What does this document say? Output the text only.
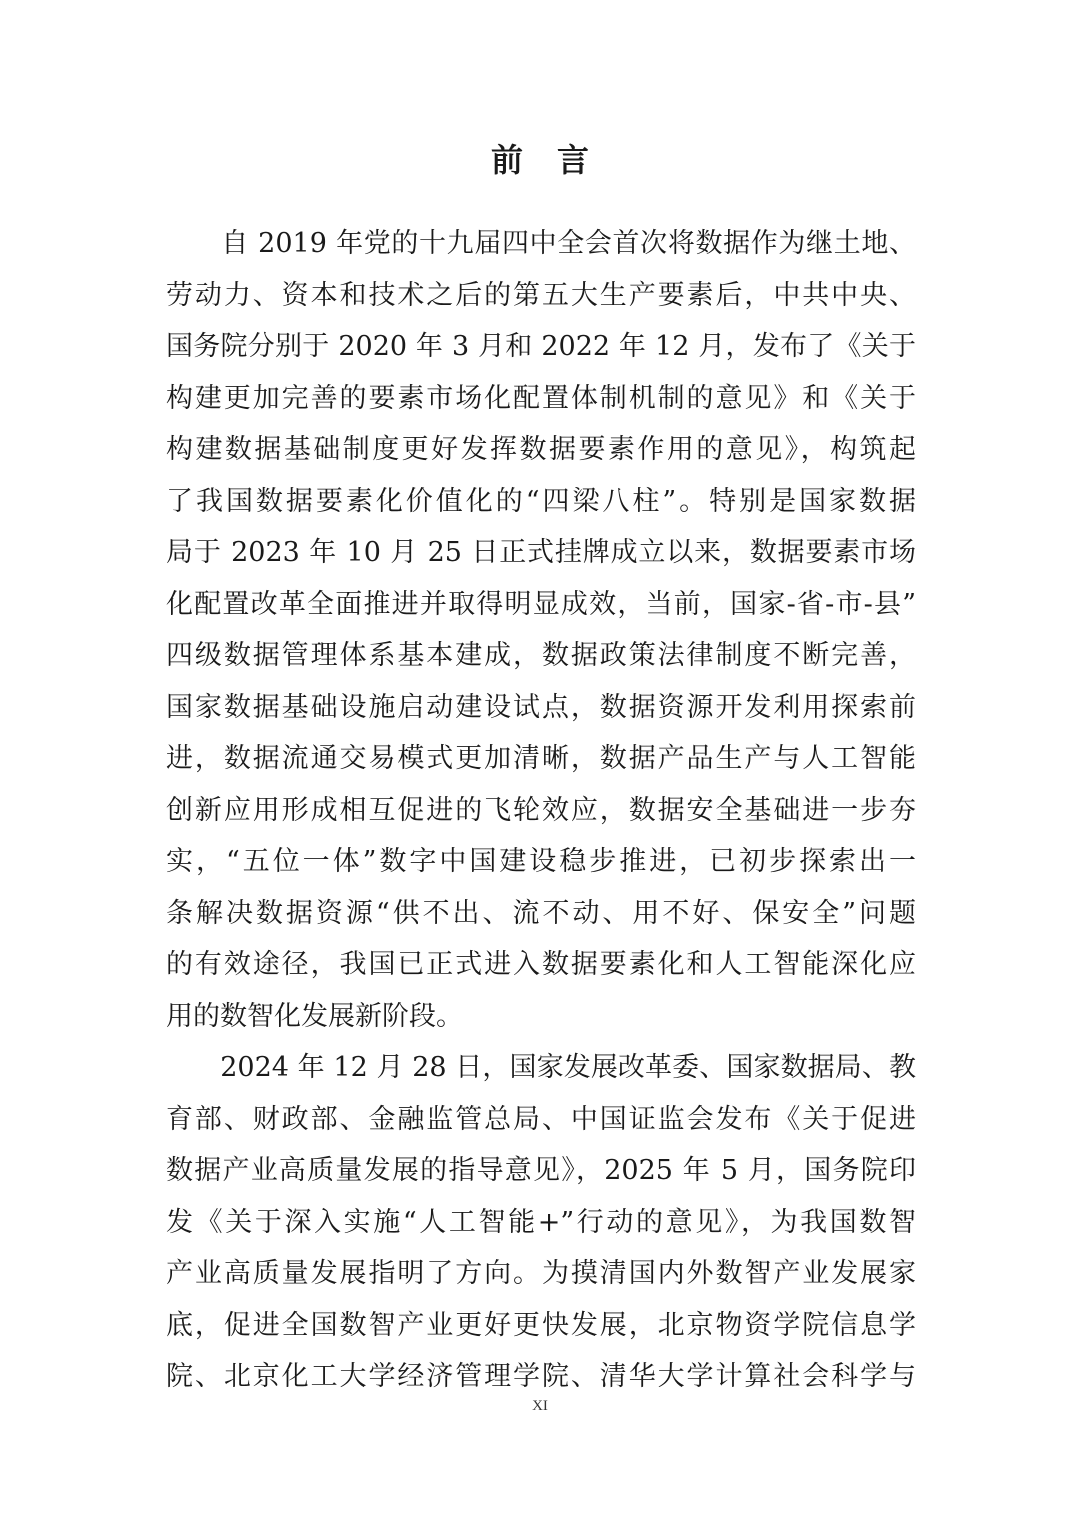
前 言
　　自 2019 年党的十九届四中全会首次将数据作为继土地、
劳动力、资本和技术之后的第五大生产要素后，中共中央、
国务院分别于 2020 年 3 月和 2022 年 12 月，发布了《关于
构建更加完善的要素市场化配置体制机制的意见》和《关于
构建数据基础制度更好发挥数据要素作用的意见》，构筑起
了我国数据要素化价值化的“四梁八柱”。特别是国家数据
局于 2023 年 10 月 25 日正式挂牌成立以来，数据要素市场
化配置改革全面推进并取得明显成效，当前，国家-省-市-县”
四级数据管理体系基本建成，数据政策法律制度不断完善，
国家数据基础设施启动建设试点，数据资源开发利用探索前
进，数据流通交易模式更加清晰，数据产品生产与人工智能
创新应用形成相互促进的飞轮效应，数据安全基础进一步夯
实，“五位一体”数字中国建设稳步推进，已初步探索出一
条解决数据资源“供不出、流不动、用不好、保安全”问题
的有效途径，我国已正式进入数据要素化和人工智能深化应
用的数智化发展新阶段。
　　2024 年 12 月 28 日，国家发展改革委、国家数据局、教
育部、财政部、金融监管总局、中国证监会发布《关于促进
数据产业高质量发展的指导意见》，2025 年 5 月，国务院印
发《关于深入实施“人工智能+”行动的意见》，为我国数智
产业高质量发展指明了方向。为摸清国内外数智产业发展家
底，促进全国数智产业更好更快发展，北京物资学院信息学
院、北京化工大学经济管理学院、清华大学计算社会科学与
XI
